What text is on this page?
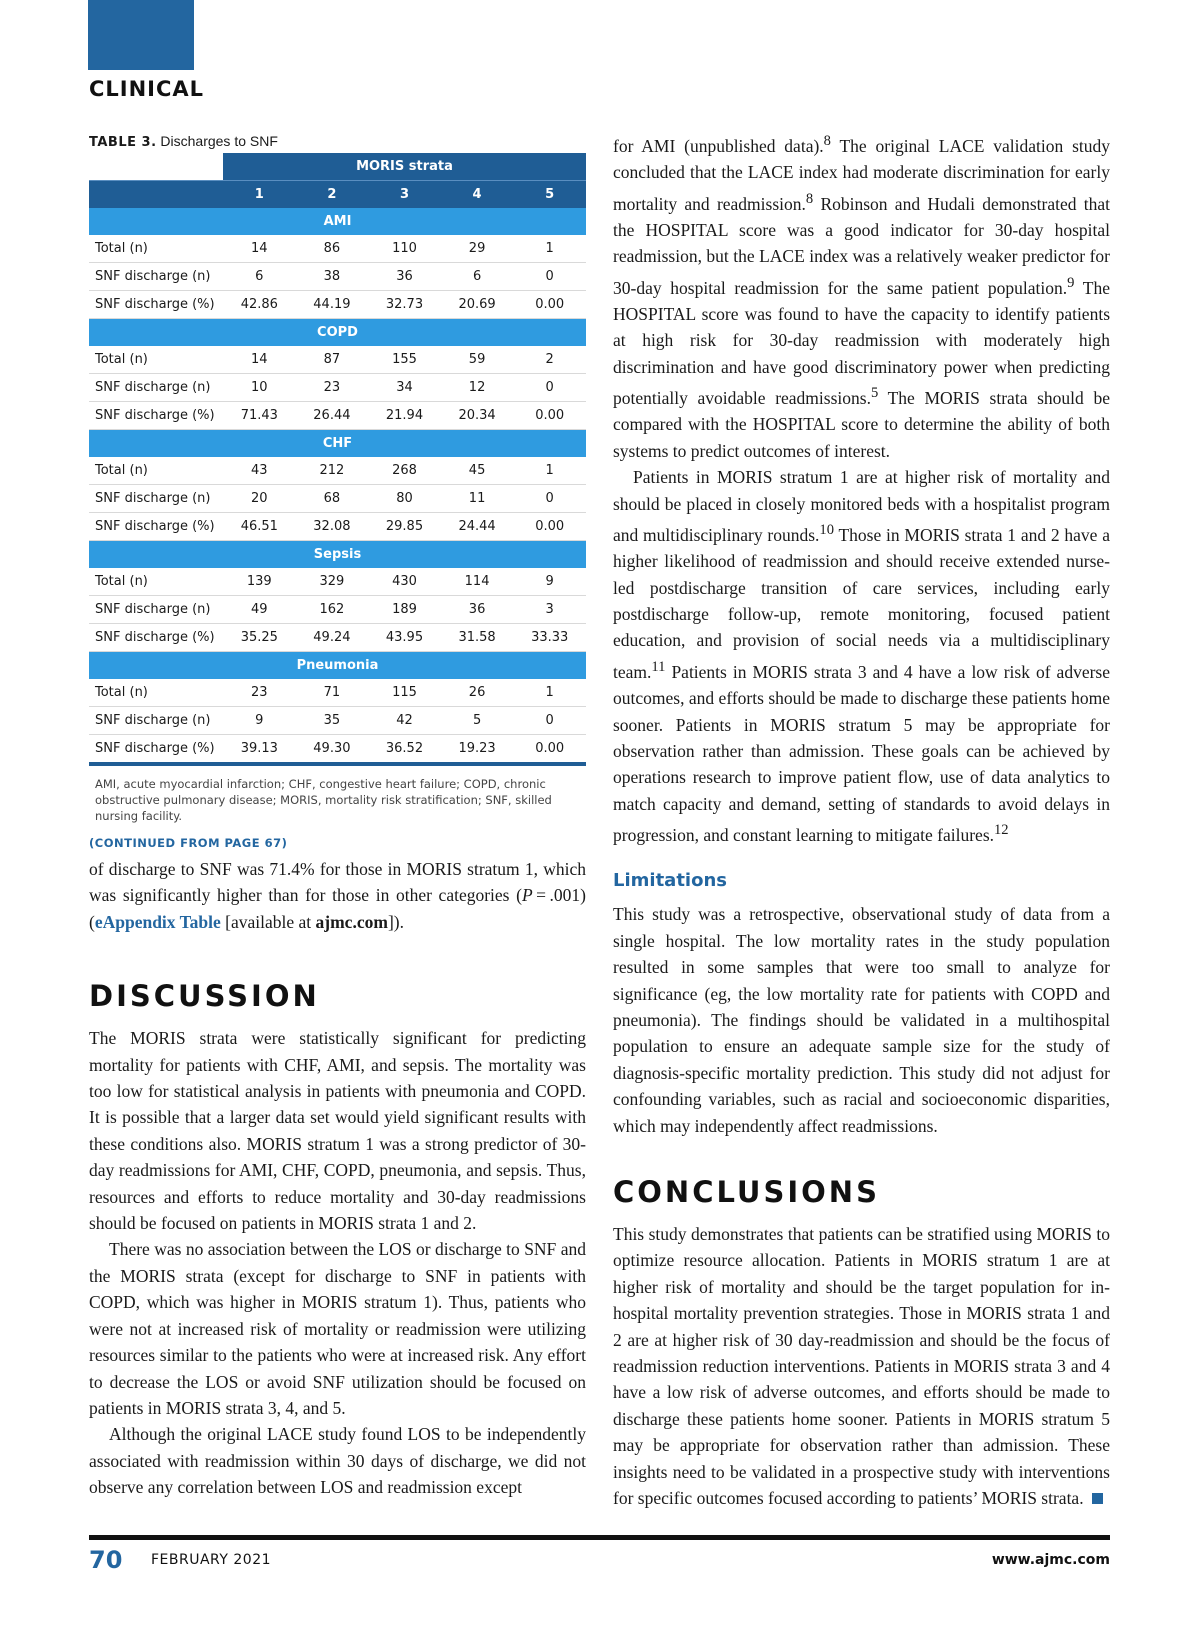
CLINICAL
TABLE 3. Discharges to SNF
	MORIS strata				
	1	2	3	4	5
AMI					
Total (n)	14	86	110	29	1
SNF discharge (n)	6	38	36	6	0
SNF discharge (%)	42.86	44.19	32.73	20.69	0.00
COPD					
Total (n)	14	87	155	59	2
SNF discharge (n)	10	23	34	12	0
SNF discharge (%)	71.43	26.44	21.94	20.34	0.00
CHF					
Total (n)	43	212	268	45	1
SNF discharge (n)	20	68	80	11	0
SNF discharge (%)	46.51	32.08	29.85	24.44	0.00
Sepsis					
Total (n)	139	329	430	114	9
SNF discharge (n)	49	162	189	36	3
SNF discharge (%)	35.25	49.24	43.95	31.58	33.33
Pneumonia					
Total (n)	23	71	115	26	1
SNF discharge (n)	9	35	42	5	0
SNF discharge (%)	39.13	49.30	36.52	19.23	0.00
AMI, acute myocardial infarction; CHF, congestive heart failure; COPD, chronic obstructive pulmonary disease; MORIS, mortality risk stratification; SNF, skilled nursing facility.
(CONTINUED FROM PAGE 67)

of discharge to SNF was 71.4% for those in MORIS stratum 1, which was significantly higher than for those in other categories (P = .001) (eAppendix Table [available at ajmc.com]).

DISCUSSION

The MORIS strata were statistically significant for predicting mortality for patients with CHF, AMI, and sepsis. The mortality was too low for statistical analysis in patients with pneumonia and COPD. It is possible that a larger data set would yield significant results with these conditions also. MORIS stratum 1 was a strong predictor of 30-day readmissions for AMI, CHF, COPD, pneumonia, and sepsis. Thus, resources and efforts to reduce mortality and 30-day readmissions should be focused on patients in MORIS strata 1 and 2.

There was no association between the LOS or discharge to SNF and the MORIS strata (except for discharge to SNF in patients with COPD, which was higher in MORIS stratum 1). Thus, patients who were not at increased risk of mortality or readmission were utilizing resources similar to the patients who were at increased risk. Any effort to decrease the LOS or avoid SNF utilization should be focused on patients in MORIS strata 3, 4, and 5.

Although the original LACE study found LOS to be independently associated with readmission within 30 days of discharge, we did not observe any correlation between LOS and readmission except

for AMI (unpublished data).$^8$ The original LACE validation study concluded that the LACE index had moderate discrimination for early mortality and readmission.$^8$ Robinson and Hudali demonstrated that the HOSPITAL score was a good indicator for 30-day hospital readmission, but the LACE index was a relatively weaker predictor for 30-day hospital readmission for the same patient population.$^9$ The HOSPITAL score was found to have the capacity to identify patients at high risk for 30-day readmission with moderately high discrimination and have good discriminatory power when predicting potentially avoidable readmissions.$^5$ The MORIS strata should be compared with the HOSPITAL score to determine the ability of both systems to predict outcomes of interest.

Patients in MORIS stratum 1 are at higher risk of mortality and should be placed in closely monitored beds with a hospitalist program and multidisciplinary rounds.$^{10}$ Those in MORIS strata 1 and 2 have a higher likelihood of readmission and should receive extended nurse-led postdischarge transition of care services, including early postdischarge follow-up, remote monitoring, focused patient education, and provision of social needs via a multidisciplinary team.$^{11}$ Patients in MORIS strata 3 and 4 have a low risk of adverse outcomes, and efforts should be made to discharge these patients home sooner. Patients in MORIS stratum 5 may be appropriate for observation rather than admission. These goals can be achieved by operations research to improve patient flow, use of data analytics to match capacity and demand, setting of standards to avoid delays in progression, and constant learning to mitigate failures.$^{12}$

Limitations

This study was a retrospective, observational study of data from a single hospital. The low mortality rates in the study population resulted in some samples that were too small to analyze for significance (eg, the low mortality rate for patients with COPD and pneumonia). The findings should be validated in a multihospital population to ensure an adequate sample size for the study of diagnosis-specific mortality prediction. This study did not adjust for confounding variables, such as racial and socioeconomic disparities, which may independently affect readmissions.

CONCLUSIONS

This study demonstrates that patients can be stratified using MORIS to optimize resource allocation. Patients in MORIS stratum 1 are at higher risk of mortality and should be the target population for in-hospital mortality prevention strategies. Those in MORIS strata 1 and 2 are at higher risk of 30 day-readmission and should be the focus of readmission reduction interventions. Patients in MORIS strata 3 and 4 have a low risk of adverse outcomes, and efforts should be made to discharge these patients home sooner. Patients in MORIS stratum 5 may be appropriate for observation rather than admission. These insights need to be validated in a prospective study with interventions for specific outcomes focused according to patients’ MORIS strata.

70 FEBRUARY 2021	www.ajmc.com
